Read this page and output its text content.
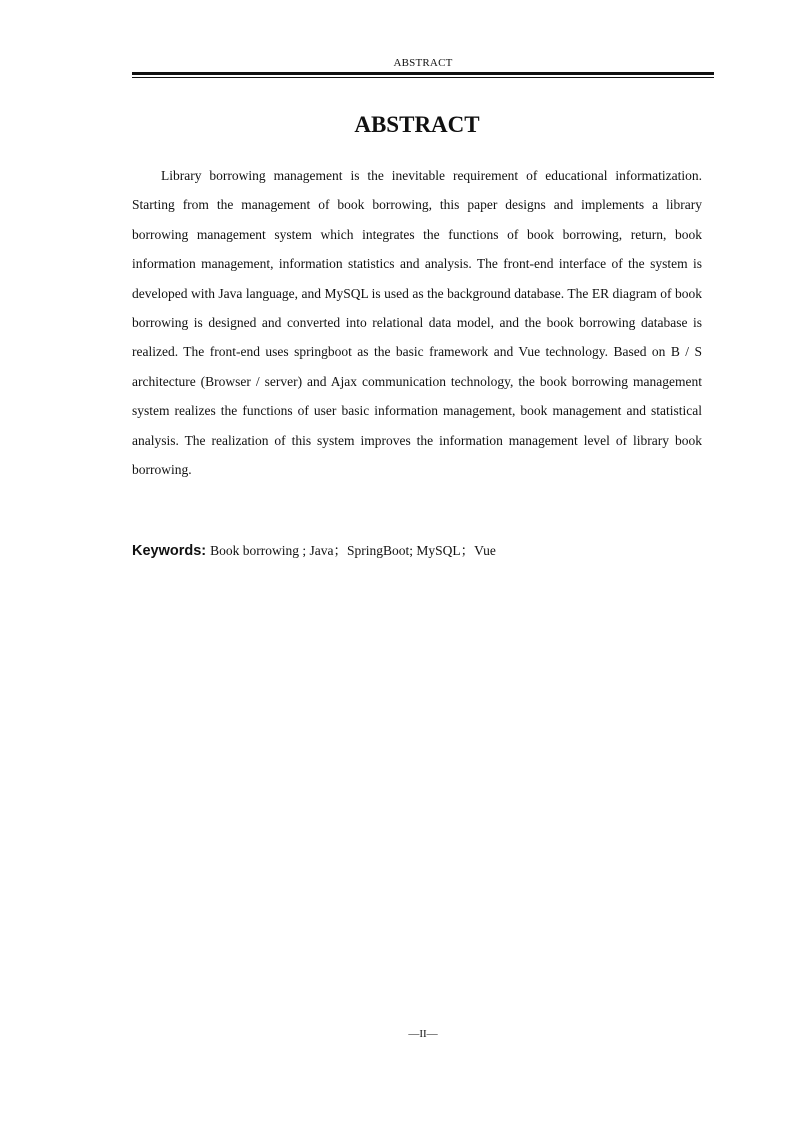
ABSTRACT
ABSTRACT

Library borrowing management is the inevitable requirement of educational informatization. Starting from the management of book borrowing, this paper designs and implements a library borrowing management system which integrates the functions of book borrowing, return, book information management, information statistics and analysis. The front-end interface of the system is developed with Java language, and MySQL is used as the background database. The ER diagram of book borrowing is designed and converted into relational data model, and the book borrowing database is realized. The front-end uses springboot as the basic framework and Vue technology. Based on B / S architecture (Browser / server) and Ajax communication technology, the book borrowing management system realizes the functions of user basic information management, book management and statistical analysis. The realization of this system improves the information management level of library book borrowing.

Keywords: Book borrowing ; Java；SpringBoot; MySQL；Vue

—II—
